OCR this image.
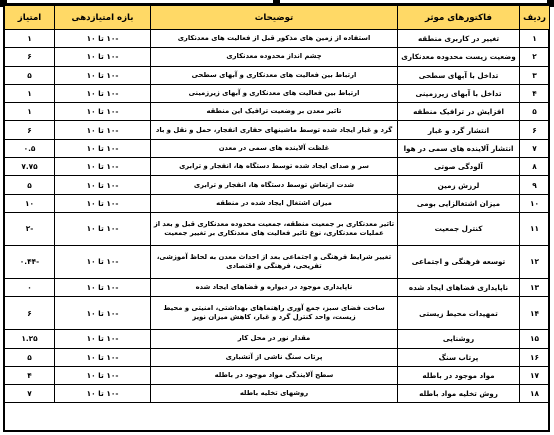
ردیف	فاکتورهای موثر	توضیحات	بازه امتیازدهی	امتیاز
۱	تغییر در کاربری منطقه	استفاده از زمین های مذکور قبل از فعالیت های معدنکاری	-۱۰ تا ۱۰	۱
۲	وضعیت زیست محدوده معدنکاری	چشم انداز محدوده معدنکاری	-۱۰ تا ۱۰	۶
۳	تداخل با آبهای سطحی	ارتباط بین فعالیت های معدنکاری و آبهای سطحی	-۱۰ تا ۱۰	۵
۴	تداخل با آبهای زیرزمینی	ارتباط بین فعالیت های معدنکاری و آبهای زیرزمینی	-۱۰ تا ۱۰	۱
۵	افزایش در ترافیک منطقه	تاثیر معدن بر وضعیت ترافیک این منطقه	-۱۰ تا ۱۰	۱
۶	انتشار گرد و غبار	گرد و غبار ایجاد شده توسط ماشینهای حفاری انفجار، حمل و نقل و باد	-۱۰ تا ۱۰	۶
۷	انتشار آلاینده های سمی در هوا	غلظت آلاینده های سمی در معدن	-۱۰ تا ۱۰	۰.۵
۸	آلودگی صوتی	سر و صدای ایجاد شده توسط دستگاه ها، انفجار و ترابری	-۱۰ تا ۱۰	۷.۷۵
۹	لرزش زمین	شدت ارتعاش توسط دستگاه ها، انفجار و ترابری	-۱۰ تا ۱۰	۵
۱۰	میزان اشتغالزایی بومی	میزان اشتغال ایجاد شده در منطقه	-۱۰ تا ۱۰	۱۰
۱۱	کنترل جمعیت	تاثیر معدنکاری بر جمعیت منطقه، جمعیت محدوده معدنکاری قبل و بعد از عملیات معدنکاری، نوع تاثیر فعالیت های معدنکاری بر تغییر جمعیت	-۱۰ تا ۱۰	-۲
۱۲	توسعه فرهنگی و اجتماعی	تغییر شرایط فرهنگی و اجتماعی بعد از احداث معدن به لحاظ آموزشی، تفریحی، فرهنگی و اقتصادی	-۱۰ تا ۱۰	-۰.۴۴
۱۳	ناپایداری فضاهای ایجاد شده	ناپایداری موجود در دیواره و فضاهای ایجاد شده	-۱۰ تا ۱۰	۰
۱۴	تمهیدات محیط زیستی	ساخت فضای سبز، جمع آوری راهنماهای بهداشتی، امنیتی و محیط زیست، واحد کنترل گرد و غبار، کاهش میزان نویز	-۱۰ تا ۱۰	۶
۱۵	روشنایی	مقدار نور در محل کار	-۱۰ تا ۱۰	۱.۲۵
۱۶	پرتاب سنگ	پرتاب سنگ ناشی از آتشباری	-۱۰ تا ۱۰	۵
۱۷	مواد موجود در باطله	سطح آلایندگی مواد موجود در باطله	-۱۰ تا ۱۰	۴
۱۸	روش تخلیه مواد باطله	روشهای تخلیه باطله	-۱۰ تا ۱۰	۷
